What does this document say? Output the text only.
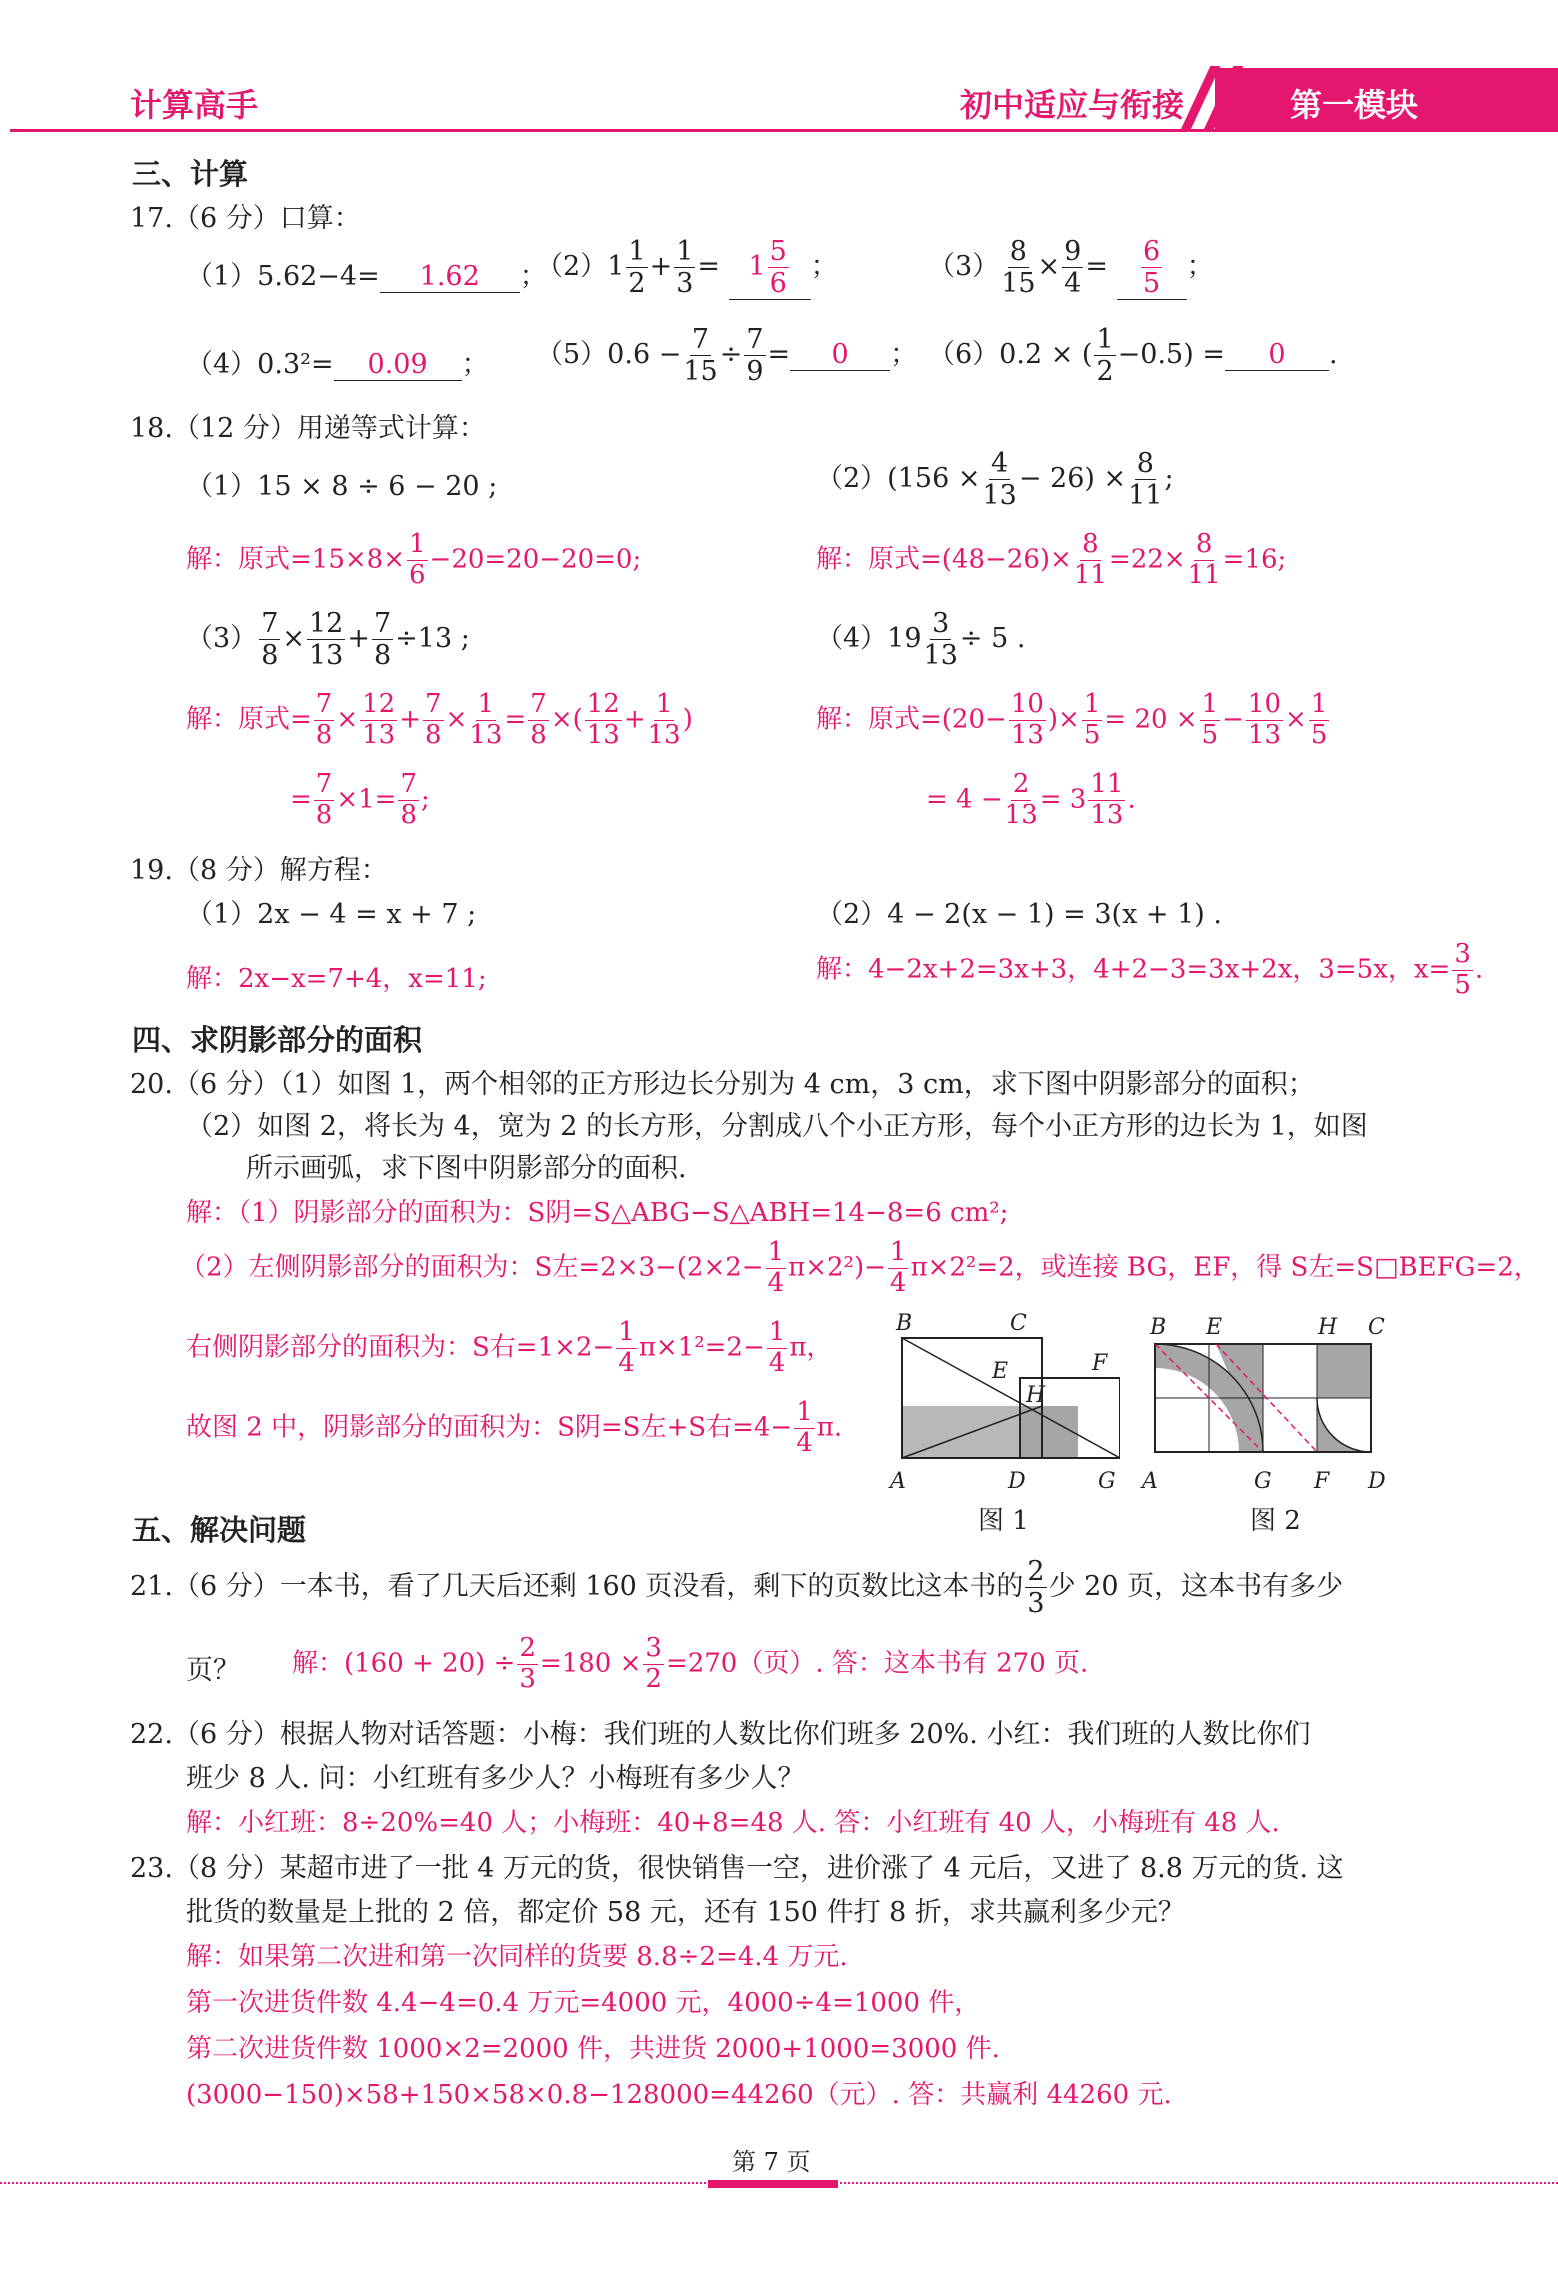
计算高手	初中适应与衔接	第一模块
三、计算
17.（6 分）口算：
（1）5.62−4= 1.62 ；
$(2)1 \frac{1}{2} + \frac{1}{3} = 1 \frac{5}{6}$ ；	$(3) \frac{8}{15} \times \frac{9}{4} = \frac{6}{5}$ ；
（4）0.3²= 0.09 ； $(5)0.6 - \frac{7}{15} \div \frac{7}{9} = 0$ ； （6）0.2 × ( $\frac{1}{2} -0.5) = 0$ .
18.（12 分）用递等式计算：
（1）15 × 8 ÷ 6 − 20 ;	$(2)(156 \times \frac{4}{13} - 26) \times \frac{8}{11}$ ;
解：原式$=15\times 8\times \frac{1}{6} -20=20-20=0$;	解：原式$=(48-26)\times \frac{8}{11} =22\times \frac{8}{11} =16$;
$(3) \frac{7}{8} \times \frac{12}{13} + \frac{7}{8} \div 13$ ;	$(4)19 \frac{3}{13} \div 5$ .
解：原式= $\frac{7}{8} \times \frac{12}{13} + \frac{7}{8} \times \frac{1}{13} = \frac{7}{8}$ ×( $\frac{12}{13} + \frac{1}{13}$ )
= $\frac{7}{8} \times 1= \frac{7}{8}$ ;
解：原式$=(20- \frac{10}{13}$ )× $\frac{1}{5} = 20 \times \frac{1}{5} - \frac{10}{13} \times \frac{1}{5}$
= $4 - \frac{2}{13} = 3 \frac{11}{13}$ .
19.（8 分）解方程：
（1）2x − 4 = x + 7 ;	（2）4 − 2(x − 1) = 3(x + 1) .
解：2x−x=7+4，x=11;	解：4−2x+2=3x+3，4+2−3=3x+2x，3=5x，$x= \frac{3}{5}$ .
四、求阴影部分的面积
20.（6 分）（1）如图 1，两个相邻的正方形边长分别为 4 cm，3 cm，求下图中阴影部分的面积；
（2）如图 2，将长为 4，宽为 2 的长方形，分割成八个小正方形，每个小正方形的边长为 1，如图
所示画弧，求下图中阴影部分的面积.
解：（1）阴影部分的面积为：S阴=S△ABG−S△ABH=14−8=6 cm²;
（2）左侧阴影部分的面积为：S左$=2\times 3-(2\times 2- \frac{1}{4} \pi\times 2^2)- \frac{1}{4} \pi\times 2^2=2$，或连接 BG，EF，得 S左=S□BEFG=2，
右侧阴影部分的面积为：S右$=1\times 2- \frac{1}{4} \pi\times 1^2=2- \frac{1}{4}$ π，
故图 2 中，阴影部分的面积为：S阴=S左+S右$=4- \frac{1}{4} \pi$.
B	C
F
E
H
A	D	G
图 1
B E	H C
A	G F D
图 2
五、解决问题
21.（6 分）一本书，看了几天后还剩 160 页没看，剩下的页数比这本书的 $\frac{2}{3}$ 少 20 页，这本书有多少
页？ 解：$(160 + 20) \div \frac{2}{3} =180 \times \frac{3}{2} =270$（页）. 答：这本书有 270 页.
22.（6 分）根据人物对话答题：小梅：我们班的人数比你们班多 20%. 小红：我们班的人数比你们
班少 8 人. 问：小红班有多少人？小梅班有多少人？
解：小红班：8÷20%=40 人；小梅班：40+8=48 人. 答：小红班有 40 人，小梅班有 48 人.
23.（8 分）某超市进了一批 4 万元的货，很快销售一空，进价涨了 4 元后，又进了 8.8 万元的货. 这
批货的数量是上批的 2 倍，都定价 58 元，还有 150 件打 8 折，求共赢利多少元？
解：如果第二次进和第一次同样的货要 8.8÷2=4.4 万元.
第一次进货件数 4.4−4=0.4 万元=4000 元，4000÷4=1000 件，
第二次进货件数 1000×2=2000 件，共进货 2000+1000=3000 件.
(3000−150)×58+150×58×0.8−128000=44260（元）. 答：共赢利 44260 元.
第 7 页
